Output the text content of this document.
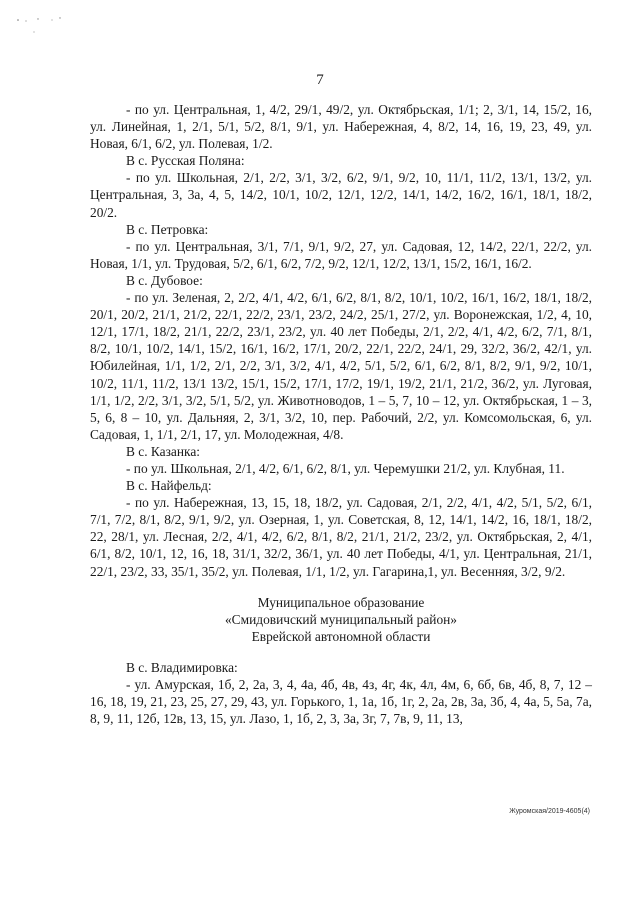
7

- по ул. Центральная, 1, 4/2, 29/1, 49/2, ул. Октябрьская, 1/1; 2, 3/1, 14, 15/2, 16, ул. Линейная, 1, 2/1, 5/1, 5/2, 8/1, 9/1, ул. Набережная, 4, 8/2, 14, 16, 19, 23, 49, ул. Новая, 6/1, 6/2, ул. Полевая, 1/2.

В с. Русская Поляна:

- по ул. Школьная, 2/1, 2/2, 3/1, 3/2, 6/2, 9/1, 9/2, 10, 11/1, 11/2, 13/1, 13/2, ул. Центральная, 3, 3а, 4, 5, 14/2, 10/1, 10/2, 12/1, 12/2, 14/1, 14/2, 16/2, 16/1, 18/1, 18/2, 20/2.

В с. Петровка:

- по ул. Центральная, 3/1, 7/1, 9/1, 9/2, 27, ул. Садовая, 12, 14/2, 22/1, 22/2, ул. Новая, 1/1, ул. Трудовая, 5/2, 6/1, 6/2, 7/2, 9/2, 12/1, 12/2, 13/1, 15/2, 16/1, 16/2.

В с. Дубовое:

- по ул. Зеленая, 2, 2/2, 4/1, 4/2, 6/1, 6/2, 8/1, 8/2, 10/1, 10/2, 16/1, 16/2, 18/1, 18/2, 20/1, 20/2, 21/1, 21/2, 22/1, 22/2, 23/1, 23/2, 24/2, 25/1, 27/2, ул. Воронежская, 1/2, 4, 10, 12/1, 17/1, 18/2, 21/1, 22/2, 23/1, 23/2, ул. 40 лет Победы, 2/1, 2/2, 4/1, 4/2, 6/2, 7/1, 8/1, 8/2, 10/1, 10/2, 14/1, 15/2, 16/1, 16/2, 17/1, 20/2, 22/1, 22/2, 24/1, 29, 32/2, 36/2, 42/1, ул. Юбилейная, 1/1, 1/2, 2/1, 2/2, 3/1, 3/2, 4/1, 4/2, 5/1, 5/2, 6/1, 6/2, 8/1, 8/2, 9/1, 9/2, 10/1, 10/2, 11/1, 11/2, 13/1 13/2, 15/1, 15/2, 17/1, 17/2, 19/1, 19/2, 21/1, 21/2, 36/2, ул. Луговая, 1/1, 1/2, 2/2, 3/1, 3/2, 5/1, 5/2, ул. Животноводов, 1 – 5, 7, 10 – 12, ул. Октябрьская, 1 – 3, 5, 6, 8 – 10, ул. Дальняя, 2, 3/1, 3/2, 10, пер. Рабочий, 2/2, ул. Комсомольская, 6, ул. Садовая, 1, 1/1, 2/1, 17, ул. Молодежная, 4/8.

В с. Казанка:

- по ул. Школьная, 2/1, 4/2, 6/1, 6/2, 8/1, ул. Черемушки 21/2, ул. Клубная, 11.

В с. Найфельд:

- по ул. Набережная, 13, 15, 18, 18/2, ул. Садовая, 2/1, 2/2, 4/1, 4/2, 5/1, 5/2, 6/1, 7/1, 7/2, 8/1, 8/2, 9/1, 9/2, ул. Озерная, 1, ул. Советская, 8, 12, 14/1, 14/2, 16, 18/1, 18/2, 22, 28/1, ул. Лесная, 2/2, 4/1, 4/2, 6/2, 8/1, 8/2, 21/1, 21/2, 23/2, ул. Октябрьская, 2, 4/1, 6/1, 8/2, 10/1, 12, 16, 18, 31/1, 32/2, 36/1, ул. 40 лет Победы, 4/1, ул. Центральная, 21/1, 22/1, 23/2, 33, 35/1, 35/2, ул. Полевая, 1/1, 1/2, ул. Гагарина,1, ул. Весенняя, 3/2, 9/2.

Муниципальное образование
«Смидовичский муниципальный район»
Еврейской автономной области

В с. Владимировка:

- ул. Амурская, 1б, 2, 2а, 3, 4, 4а, 4б, 4в, 4з, 4г, 4к, 4л, 4м, 6, 6б, 6в, 4б, 8, 7, 12 – 16, 18, 19, 21, 23, 25, 27, 29, 43, ул. Горького, 1, 1а, 1б, 1г, 2, 2а, 2в, 3а, 3б, 4, 4а, 5, 5а, 7а, 8, 9, 11, 12б, 12в, 13, 15, ул. Лазо, 1, 1б, 2, 3, 3а, 3г, 7, 7в, 9, 11, 13,

Журомская/2019-4605(4)
